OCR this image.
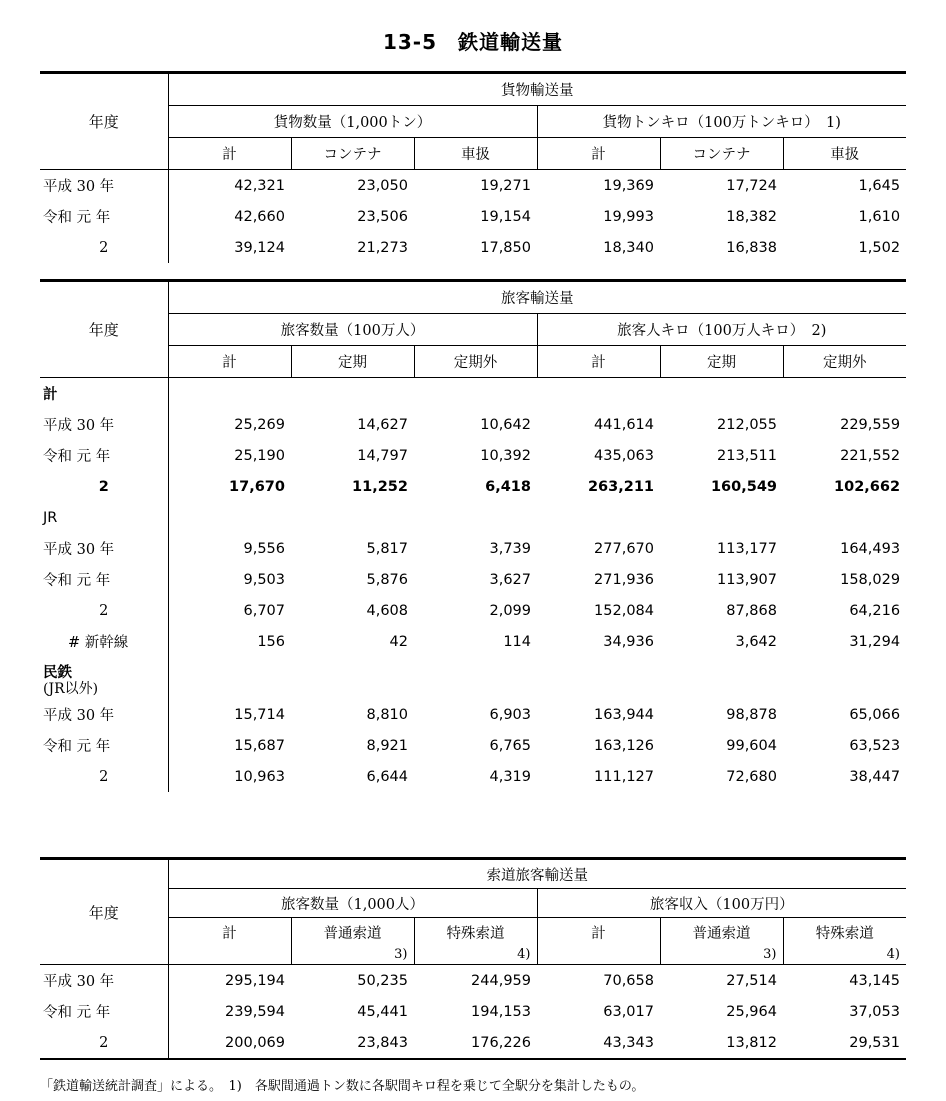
13-5　鉄道輸送量
年度	貨物輸送量					
	貨物数量（1,000トン）			貨物トンキロ（100万トンキロ）　1)		
	計	コンテナ	車扱	計	コンテナ	車扱
平成 30 年	42,321	23,050	19,271	19,369	17,724	1,645
令和 元 年	42,660	23,506	19,154	19,993	18,382	1,610
2	39,124	21,273	17,850	18,340	16,838	1,502
年度	旅客輸送量					
	旅客数量（100万人）			旅客人キロ（100万人キロ）　2)		
	計	定期	定期外	計	定期	定期外
計						
平成 30 年	25,269	14,627	10,642	441,614	212,055	229,559
令和 元 年	25,190	14,797	10,392	435,063	213,511	221,552
2	17,670	11,252	6,418	263,211	160,549	102,662
JR						
平成 30 年	9,556	5,817	3,739	277,670	113,177	164,493
令和 元 年	9,503	5,876	3,627	271,936	113,907	158,029
2	6,707	4,608	2,099	152,084	87,868	64,216
# 新幹線	156	42	114	34,936	3,642	31,294
民鉄
(JR以外)						

平成 30 年	15,714	8,810	6,903	163,944	98,878	65,066
令和 元 年	15,687	8,921	6,765	163,126	99,604	63,523
2	10,963	6,644	4,319	111,127	72,680	38,447
年度	索道旅客輸送量					
	旅客数量（1,000人）			旅客収入（100万円）		
	計	普通索道	特殊索道	計	普通索道	特殊索道
		3)	4)		3)	4)
平成 30 年	295,194	50,235	244,959	70,658	27,514	43,145
令和 元 年	239,594	45,441	194,153	63,017	25,964	37,053
2	200,069	23,843	176,226	43,343	13,812	29,531
「鉄道輸送統計調査」による。　1)　各駅間通過トン数に各駅間キロ程を乗じて全駅分を集計したもの。
